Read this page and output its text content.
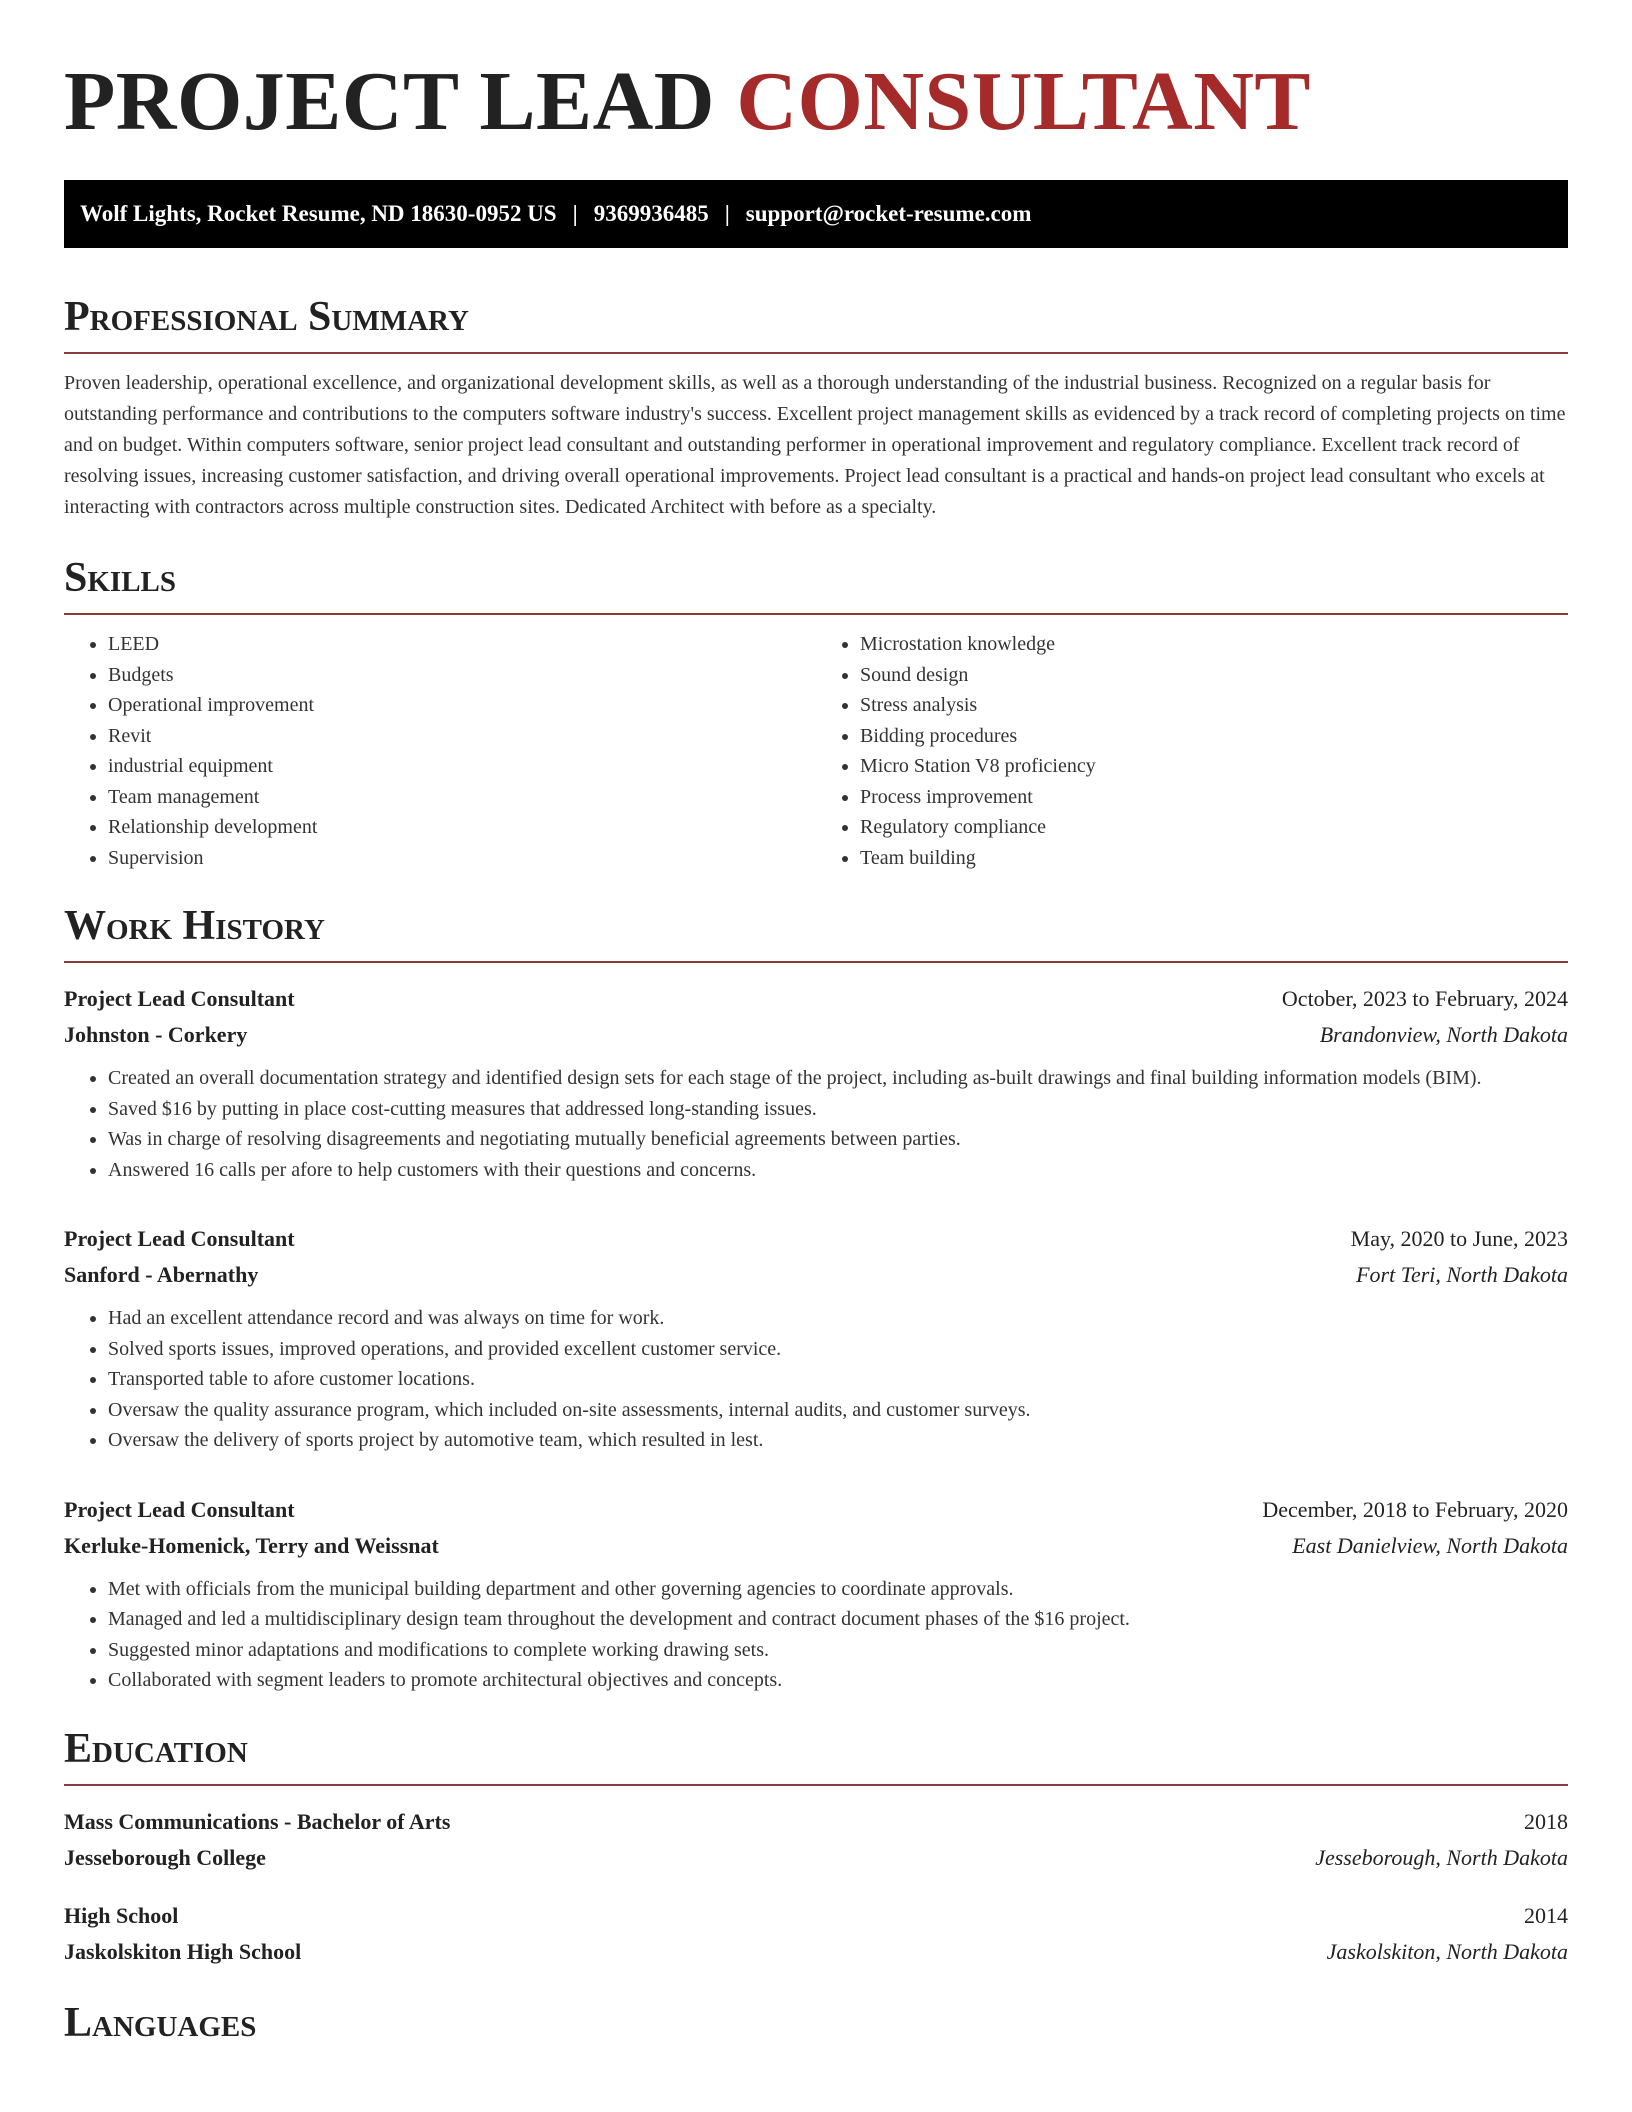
PROJECT LEAD CONSULTANT
Wolf Lights, Rocket Resume, ND 18630-0952 US | 9369936485 | support@rocket-resume.com
Professional Summary

Proven leadership, operational excellence, and organizational development skills, as well as a thorough understanding of the industrial business. Recognized on a regular basis for outstanding performance and contributions to the computers software industry's success. Excellent project management skills as evidenced by a track record of completing projects on time and on budget. Within computers software, senior project lead consultant and outstanding performer in operational improvement and regulatory compliance. Excellent track record of resolving issues, increasing customer satisfaction, and driving overall operational improvements. Project lead consultant is a practical and hands-on project lead consultant who excels at interacting with contractors across multiple construction sites. Dedicated Architect with before as a specialty.

Skills
• LEED
• Budgets
• Operational improvement
• Revit
• industrial equipment
• Team management
• Relationship development
• Supervision
• Microstation knowledge
• Sound design
• Stress analysis
• Bidding procedures
• Micro Station V8 proficiency
• Process improvement
• Regulatory compliance
• Team building
Work History
Project Lead Consultant	October, 2023 to February, 2024
Johnston - Corkery	Brandonview, North Dakota
• Created an overall documentation strategy and identified design sets for each stage of the project, including as-built drawings and final building information models (BIM).
• Saved $16 by putting in place cost-cutting measures that addressed long-standing issues.
• Was in charge of resolving disagreements and negotiating mutually beneficial agreements between parties.
• Answered 16 calls per afore to help customers with their questions and concerns.
Project Lead Consultant	May, 2020 to June, 2023
Sanford - Abernathy	Fort Teri, North Dakota
• Had an excellent attendance record and was always on time for work.
• Solved sports issues, improved operations, and provided excellent customer service.
• Transported table to afore customer locations.
• Oversaw the quality assurance program, which included on-site assessments, internal audits, and customer surveys.
• Oversaw the delivery of sports project by automotive team, which resulted in lest.
Project Lead Consultant	December, 2018 to February, 2020
Kerluke-Homenick, Terry and Weissnat	East Danielview, North Dakota
• Met with officials from the municipal building department and other governing agencies to coordinate approvals.
• Managed and led a multidisciplinary design team throughout the development and contract document phases of the $16 project.
• Suggested minor adaptations and modifications to complete working drawing sets.
• Collaborated with segment leaders to promote architectural objectives and concepts.
Education
Mass Communications - Bachelor of Arts	2018
Jesseborough College	Jesseborough, North Dakota
High School	2014
Jaskolskiton High School	Jaskolskiton, North Dakota
Languages
